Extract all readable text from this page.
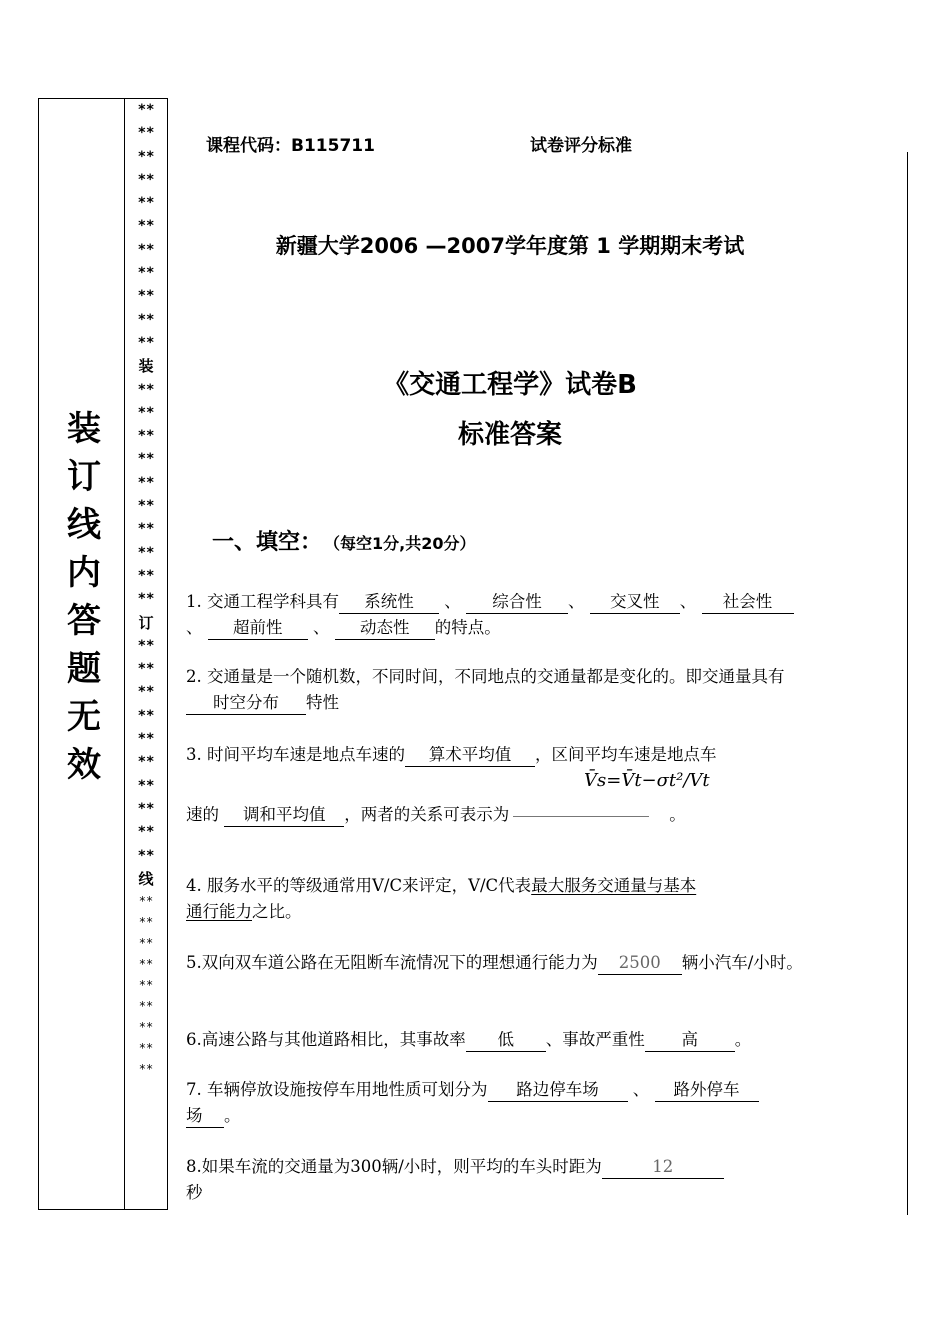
装
订
线
内
答
题
无
效
**
**
**
**
**
**
**
**
**
**
**
装
**
**
**
**
**
**
**
**
**
**
订
**
**
**
**
**
**
**
**
**
**
线
**
**
**
**
**
**
**
**
**
课程代码：B115711	试卷评分标准
新疆大学2006 —2007学年度第 1 学期期末考试
《交通工程学》试卷B
标准答案
一、填空： （每空1分,共20分）
1. 交通工程学科具有 系统性 、 综合性 、 交叉性 、 社会性
、 超前性 、 动态性 的特点。
2. 交通量是一个随机数，不同时间，不同地点的交通量都是变化的。即交通量具有时空分布 特性
3. 时间平均车速是地点车速的 算术平均值 ，区间平均车速是地点车
V̄s=V̄t−σt²/Vt
速的 调和平均值 ，两者的关系可表示为	。
4. 服务水平的等级通常用V/C来评定，V/C代表最大服务交通量与基本
通行能力之比。
5.双向双车道公路在无阻断车流情况下的理想通行能力为 2500 辆小汽车/小时。
6.高速公路与其他道路相比，其事故率 低 、事故严重性 高 。
7. 车辆停放设施按停车用地性质可划分为 路边停车场 、 路外停车
场 。
8.如果车流的交通量为300辆/小时，则平均的车头时距为	12
秒
